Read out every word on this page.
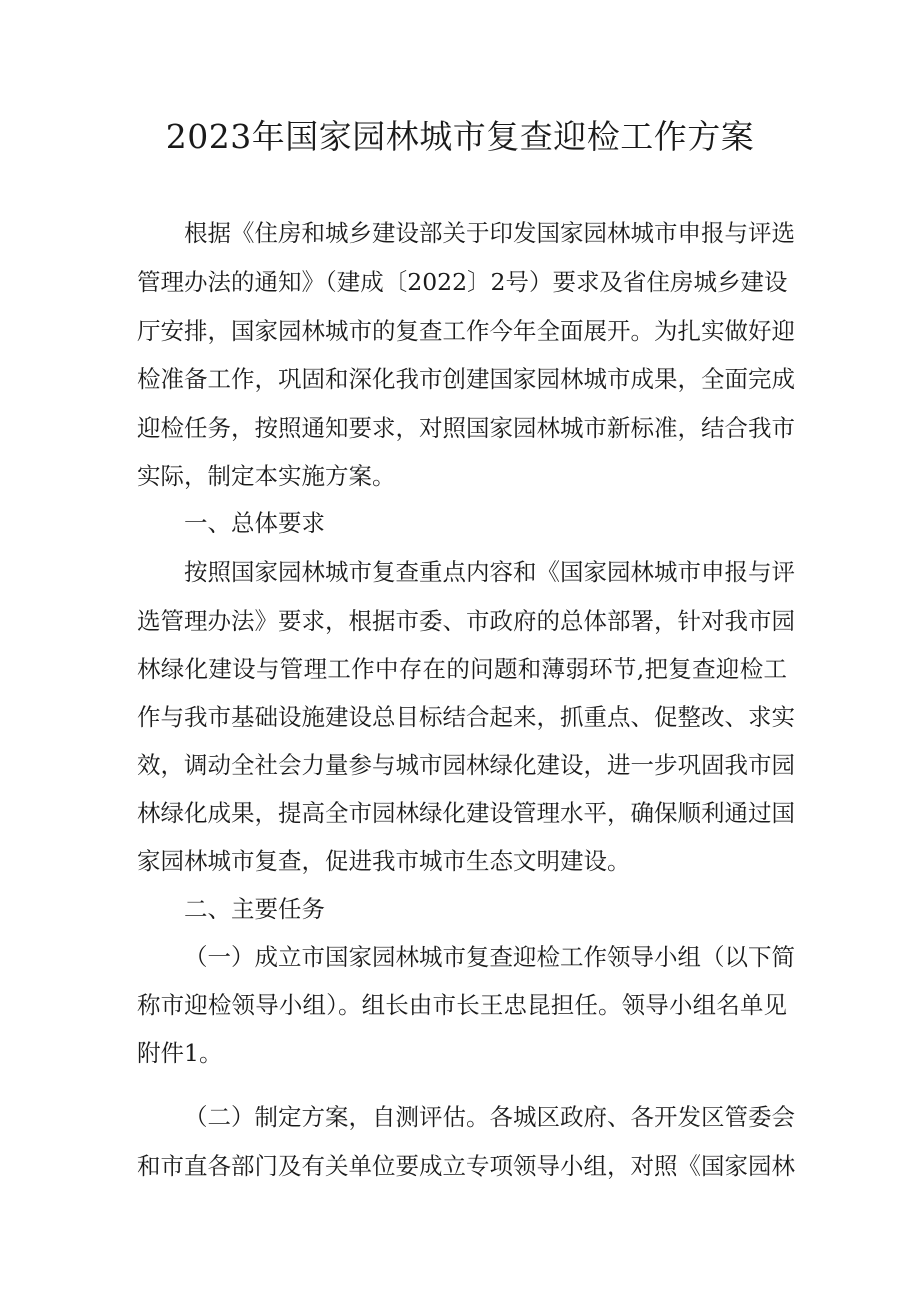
2023年国家园林城市复查迎检工作方案
根据《住房和城乡建设部关于印发国家园林城市申报与评选
管理办法的通知》（建成〔2022〕2号）要求及省住房城乡建设
厅安排，国家园林城市的复查工作今年全面展开。为扎实做好迎
检准备工作，巩固和深化我市创建国家园林城市成果，全面完成
迎检任务，按照通知要求，对照国家园林城市新标准，结合我市
实际，制定本实施方案。
一、总体要求
按照国家园林城市复查重点内容和《国家园林城市申报与评
选管理办法》要求，根据市委、市政府的总体部署，针对我市园
林绿化建设与管理工作中存在的问题和薄弱环节,把复查迎检工
作与我市基础设施建设总目标结合起来，抓重点、促整改、求实
效，调动全社会力量参与城市园林绿化建设，进一步巩固我市园
林绿化成果，提高全市园林绿化建设管理水平，确保顺利通过国
家园林城市复查，促进我市城市生态文明建设。
二、主要任务
（一）成立市国家园林城市复查迎检工作领导小组（以下简
称市迎检领导小组）。组长由市长王忠昆担任。领导小组名单见
附件1。
（二）制定方案，自测评估。各城区政府、各开发区管委会
和市直各部门及有关单位要成立专项领导小组，对照《国家园林
